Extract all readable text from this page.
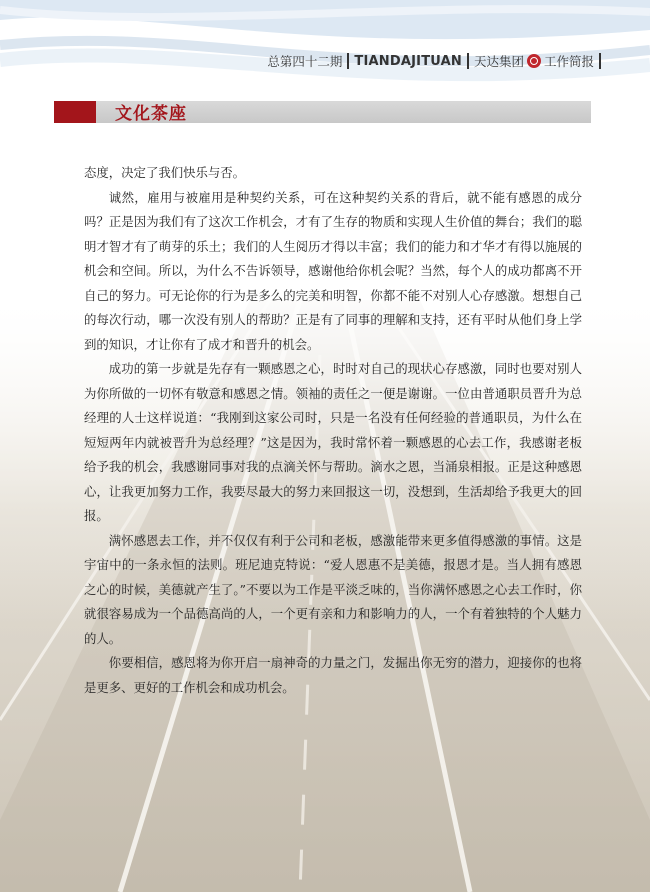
总第四十二期 TIANDAJITUAN 天达集团 工作简报
文化茶座

态度，决定了我们快乐与否。

诚然，雇用与被雇用是种契约关系，可在这种契约关系的背后，就不能有感恩的成分吗？正是因为我们有了这次工作机会，才有了生存的物质和实现人生价值的舞台；我们的聪明才智才有了萌芽的乐土；我们的人生阅历才得以丰富；我们的能力和才华才有得以施展的机会和空间。所以，为什么不告诉领导，感谢他给你机会呢？当然，每个人的成功都离不开自己的努力。可无论你的行为是多么的完美和明智，你都不能不对别人心存感激。想想自己的每次行动，哪一次没有别人的帮助？正是有了同事的理解和支持，还有平时从他们身上学到的知识，才让你有了成才和晋升的机会。

成功的第一步就是先存有一颗感恩之心，时时对自己的现状心存感激，同时也要对别人为你所做的一切怀有敬意和感恩之情。领袖的责任之一便是谢谢。一位由普通职员晋升为总经理的人士这样说道：“我刚到这家公司时，只是一名没有任何经验的普通职员，为什么在短短两年内就被晋升为总经理？”这是因为，我时常怀着一颗感恩的心去工作，我感谢老板给予我的机会，我感谢同事对我的点滴关怀与帮助。滴水之恩，当涌泉相报。正是这种感恩心，让我更加努力工作，我要尽最大的努力来回报这一切，没想到，生活却给予我更大的回报。

满怀感恩去工作，并不仅仅有利于公司和老板，感激能带来更多值得感激的事情。这是宇宙中的一条永恒的法则。班尼迪克特说：“爱人恩惠不是美德，报恩才是。当人拥有感恩之心的时候，美德就产生了。”不要以为工作是平淡乏味的，当你满怀感恩之心去工作时，你就很容易成为一个品德高尚的人，一个更有亲和力和影响力的人，一个有着独特的个人魅力的人。

你要相信，感恩将为你开启一扇神奇的力量之门，发掘出你无穷的潜力，迎接你的也将是更多、更好的工作机会和成功机会。
